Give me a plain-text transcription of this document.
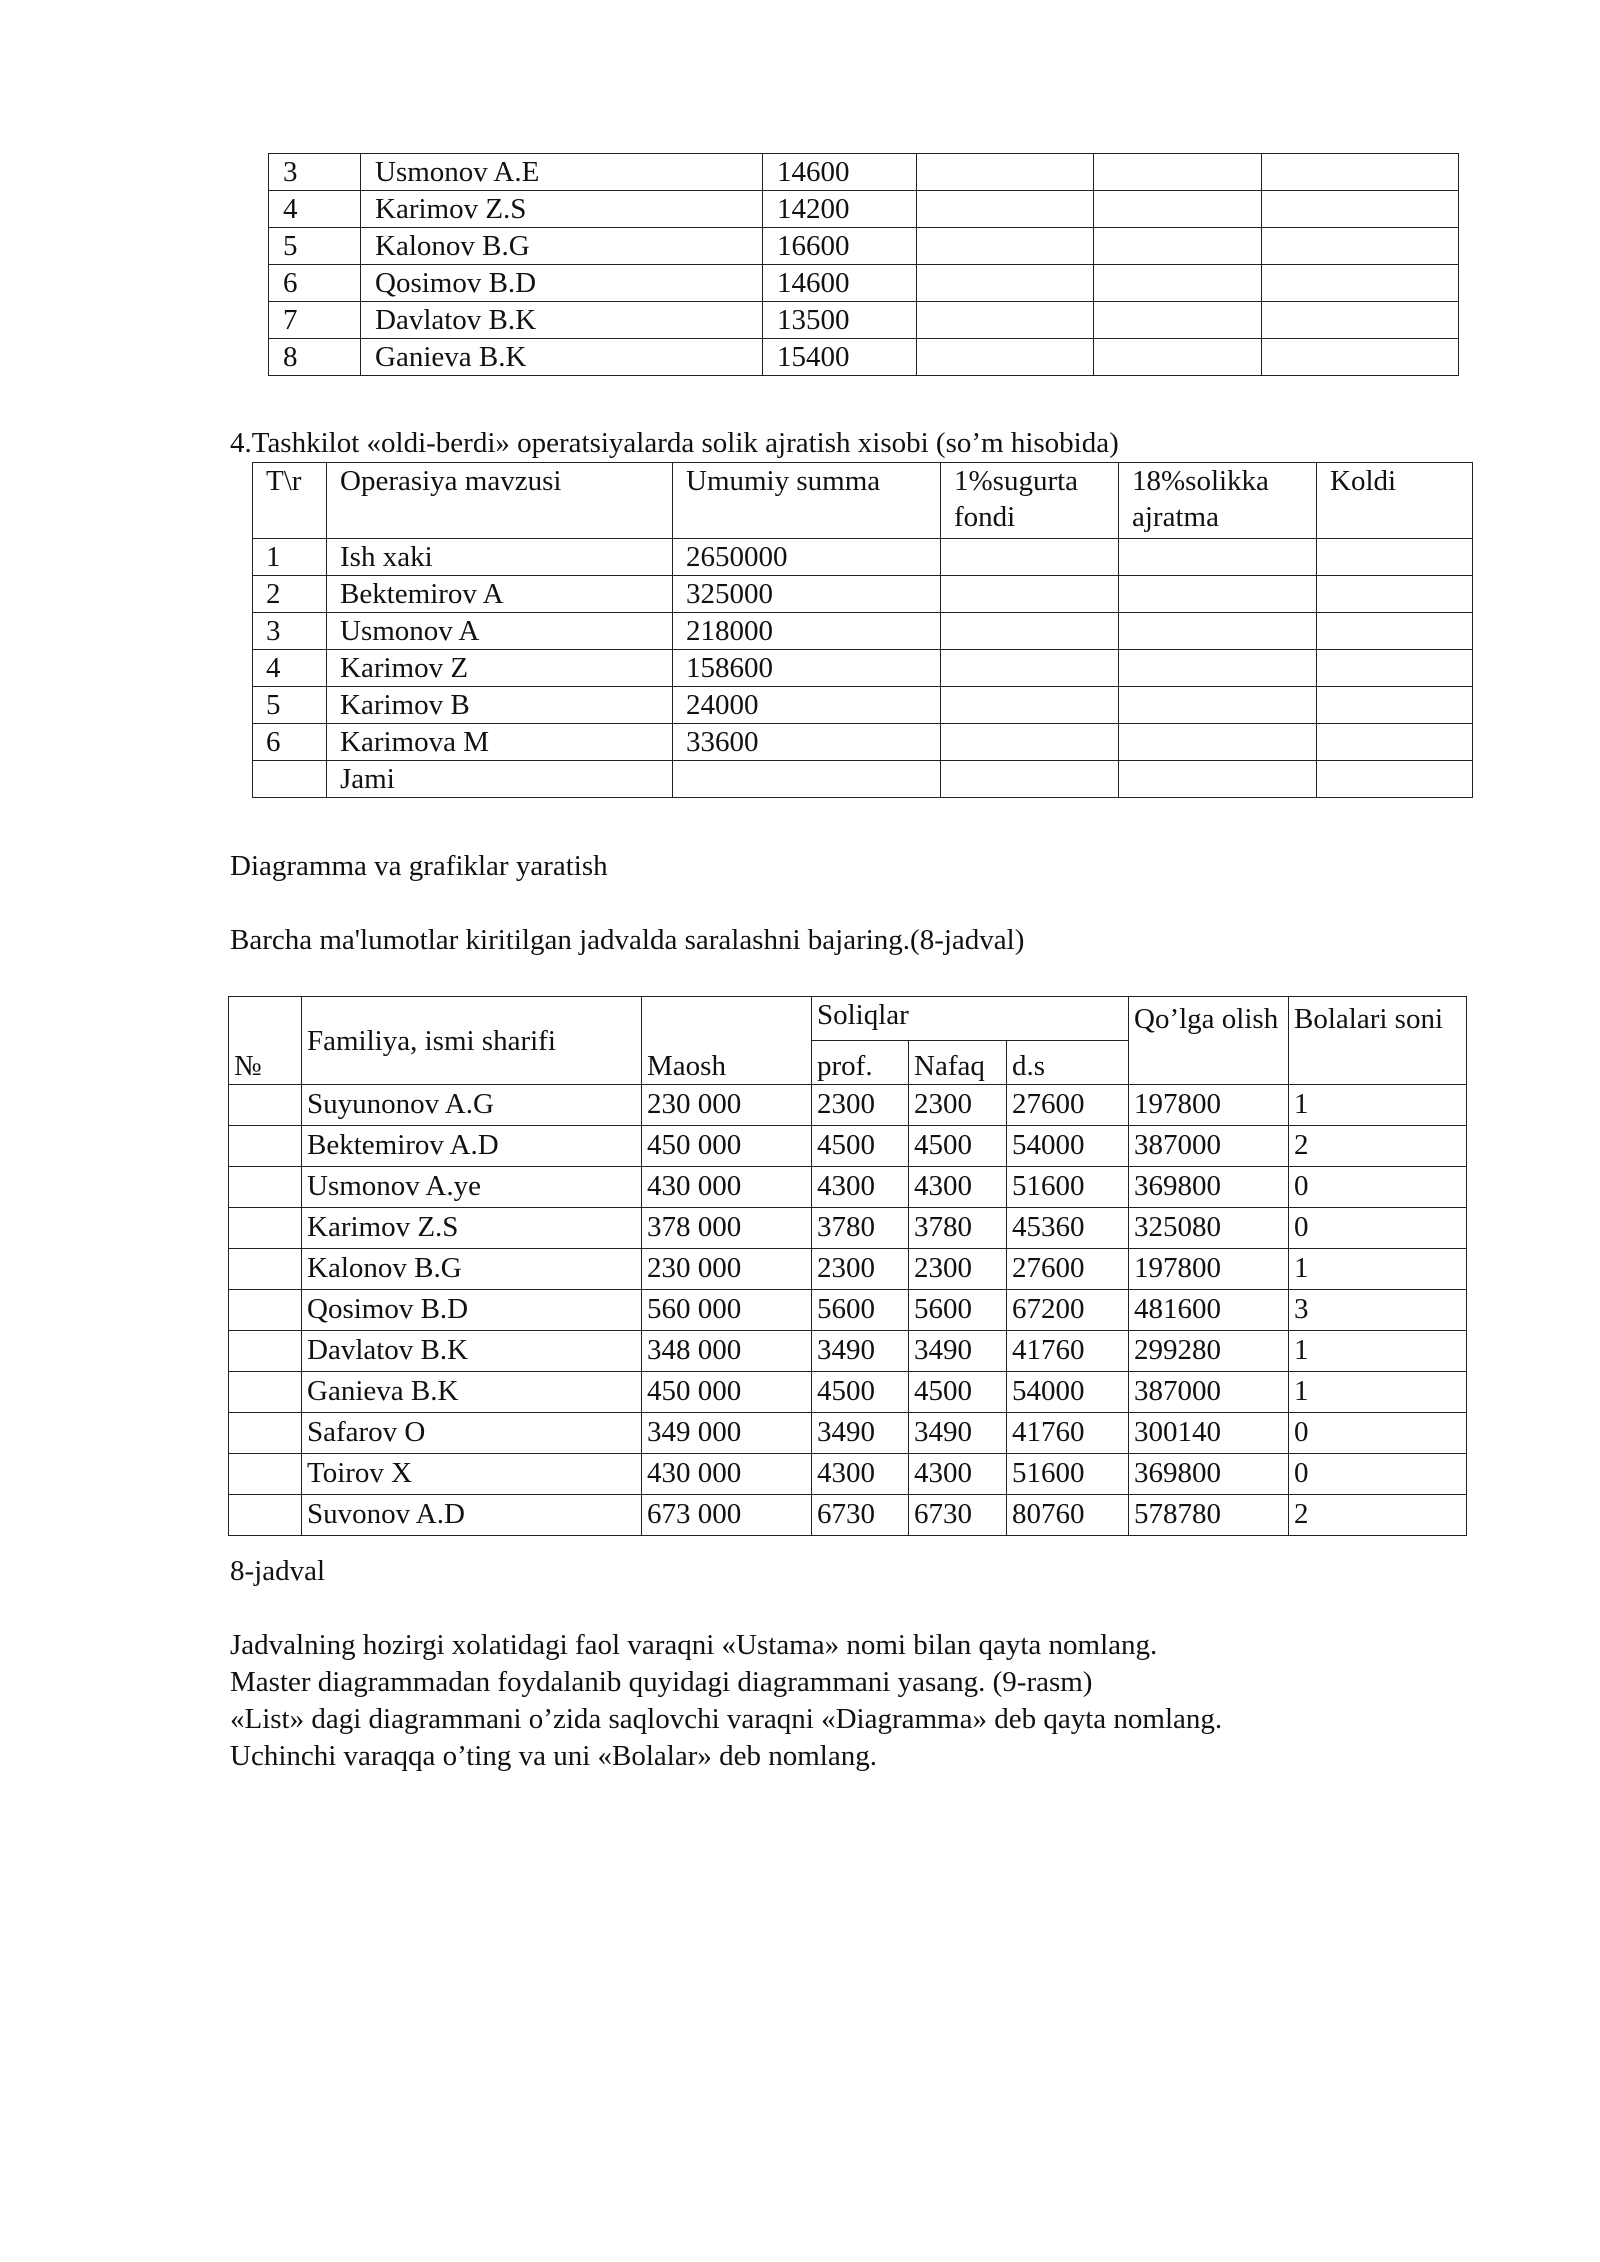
3	Usmonov A.E	14600			
4	Karimov Z.S	14200			
5	Kalonov B.G	16600			
6	Qosimov B.D	14600			
7	Davlatov B.K	13500			
8	Ganieva B.K	15400			
4.Tashkilot «oldi-berdi» operatsiyalarda solik ajratish xisobi (so’m hisobida)
T\r	Operasiya mavzusi	Umumiy summa	1%sugurta fondi	18%solikka ajratma	Koldi
1	Ish xaki	2650000			
2	Bektemirov A	325000			
3	Usmonov A	218000			
4	Karimov Z	158600			
5	Karimov B	24000			
6	Karimova M	33600			
	Jami				
Diagramma va grafiklar yaratish
Barcha ma'lumotlar kiritilgan jadvalda saralashni bajaring.(8-jadval)
№	Familiya, ismi sharifi	Maosh	Soliqlar			Qo’lga olish	Bolalari soni
			prof.	Nafaq	d.s		
	Suyunonov A.G	230 000	2300	2300	27600	197800	1
	Bektemirov A.D	450 000	4500	4500	54000	387000	2
	Usmonov A.ye	430 000	4300	4300	51600	369800	0
	Karimov Z.S	378 000	3780	3780	45360	325080	0
	Kalonov B.G	230 000	2300	2300	27600	197800	1
	Qosimov B.D	560 000	5600	5600	67200	481600	3
	Davlatov B.K	348 000	3490	3490	41760	299280	1
	Ganieva B.K	450 000	4500	4500	54000	387000	1
	Safarov O	349 000	3490	3490	41760	300140	0
	Toirov X	430 000	4300	4300	51600	369800	0
	Suvonov A.D	673 000	6730	6730	80760	578780	2
8-jadval
Jadvalning hozirgi xolatidagi faol varaqni «Ustama» nomi bilan qayta nomlang.
Master diagrammadan foydalanib quyidagi diagrammani yasang. (9-rasm)
«List» dagi diagrammani o’zida saqlovchi varaqni «Diagramma» deb qayta nomlang.
Uchinchi varaqqa o’ting va uni «Bolalar» deb nomlang.
